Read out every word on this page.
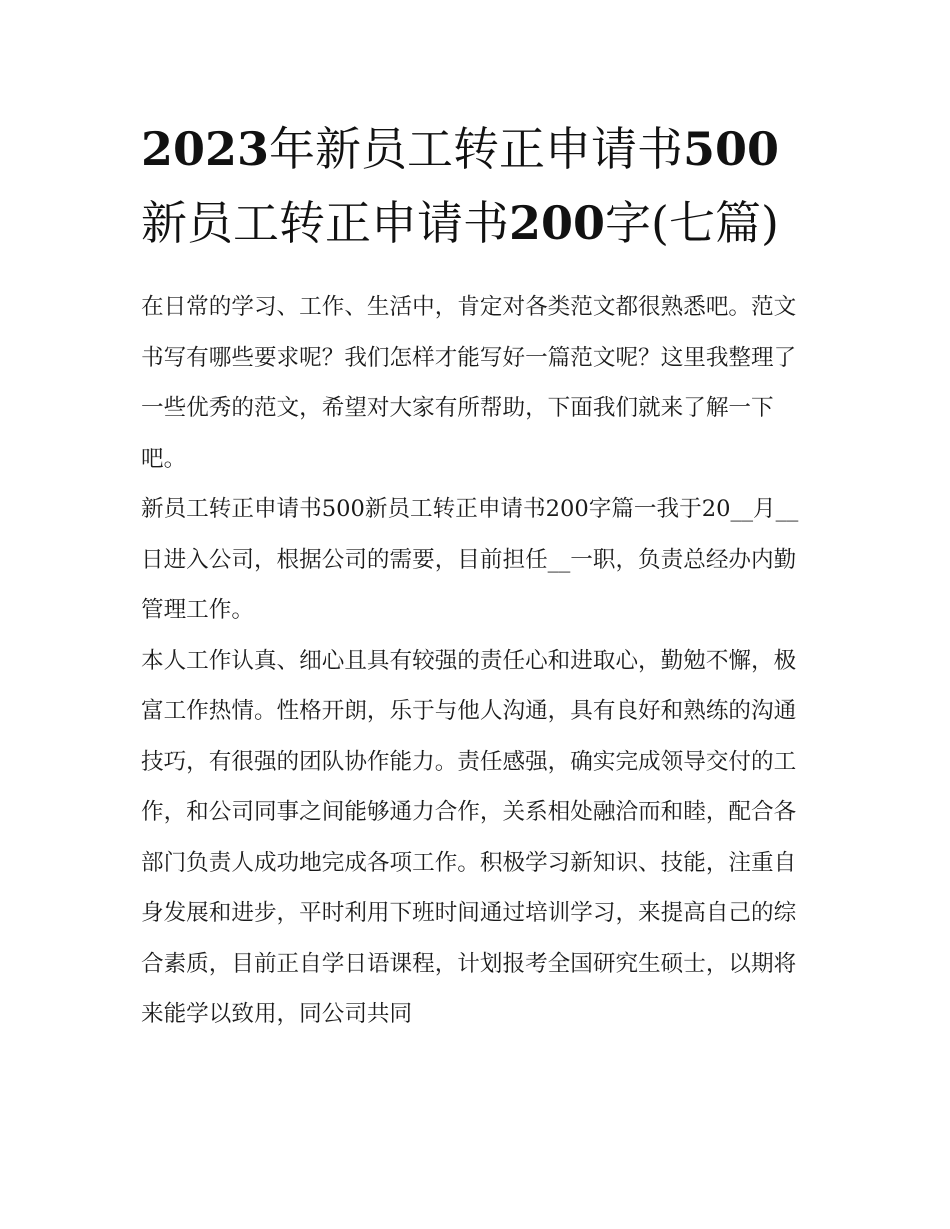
2023年新员工转正申请书500新员工转正申请书200字(七篇)

在日常的学习、工作、生活中，肯定对各类范文都很熟悉吧。范文书写有哪些要求呢？我们怎样才能写好一篇范文呢？这里我整理了一些优秀的范文，希望对大家有所帮助，下面我们就来了解一下吧。

新员工转正申请书500新员工转正申请书200字篇一我于20__月__日进入公司，根据公司的需要，目前担任__一职，负责总经办内勤管理工作。

本人工作认真、细心且具有较强的责任心和进取心，勤勉不懈，极富工作热情。性格开朗，乐于与他人沟通，具有良好和熟练的沟通技巧，有很强的团队协作能力。责任感强，确实完成领导交付的工作，和公司同事之间能够通力合作，关系相处融洽而和睦，配合各部门负责人成功地完成各项工作。积极学习新知识、技能，注重自身发展和进步，平时利用下班时间通过培训学习，来提高自己的综合素质，目前正自学日语课程，计划报考全国研究生硕士，以期将来能学以致用，同公司共同
